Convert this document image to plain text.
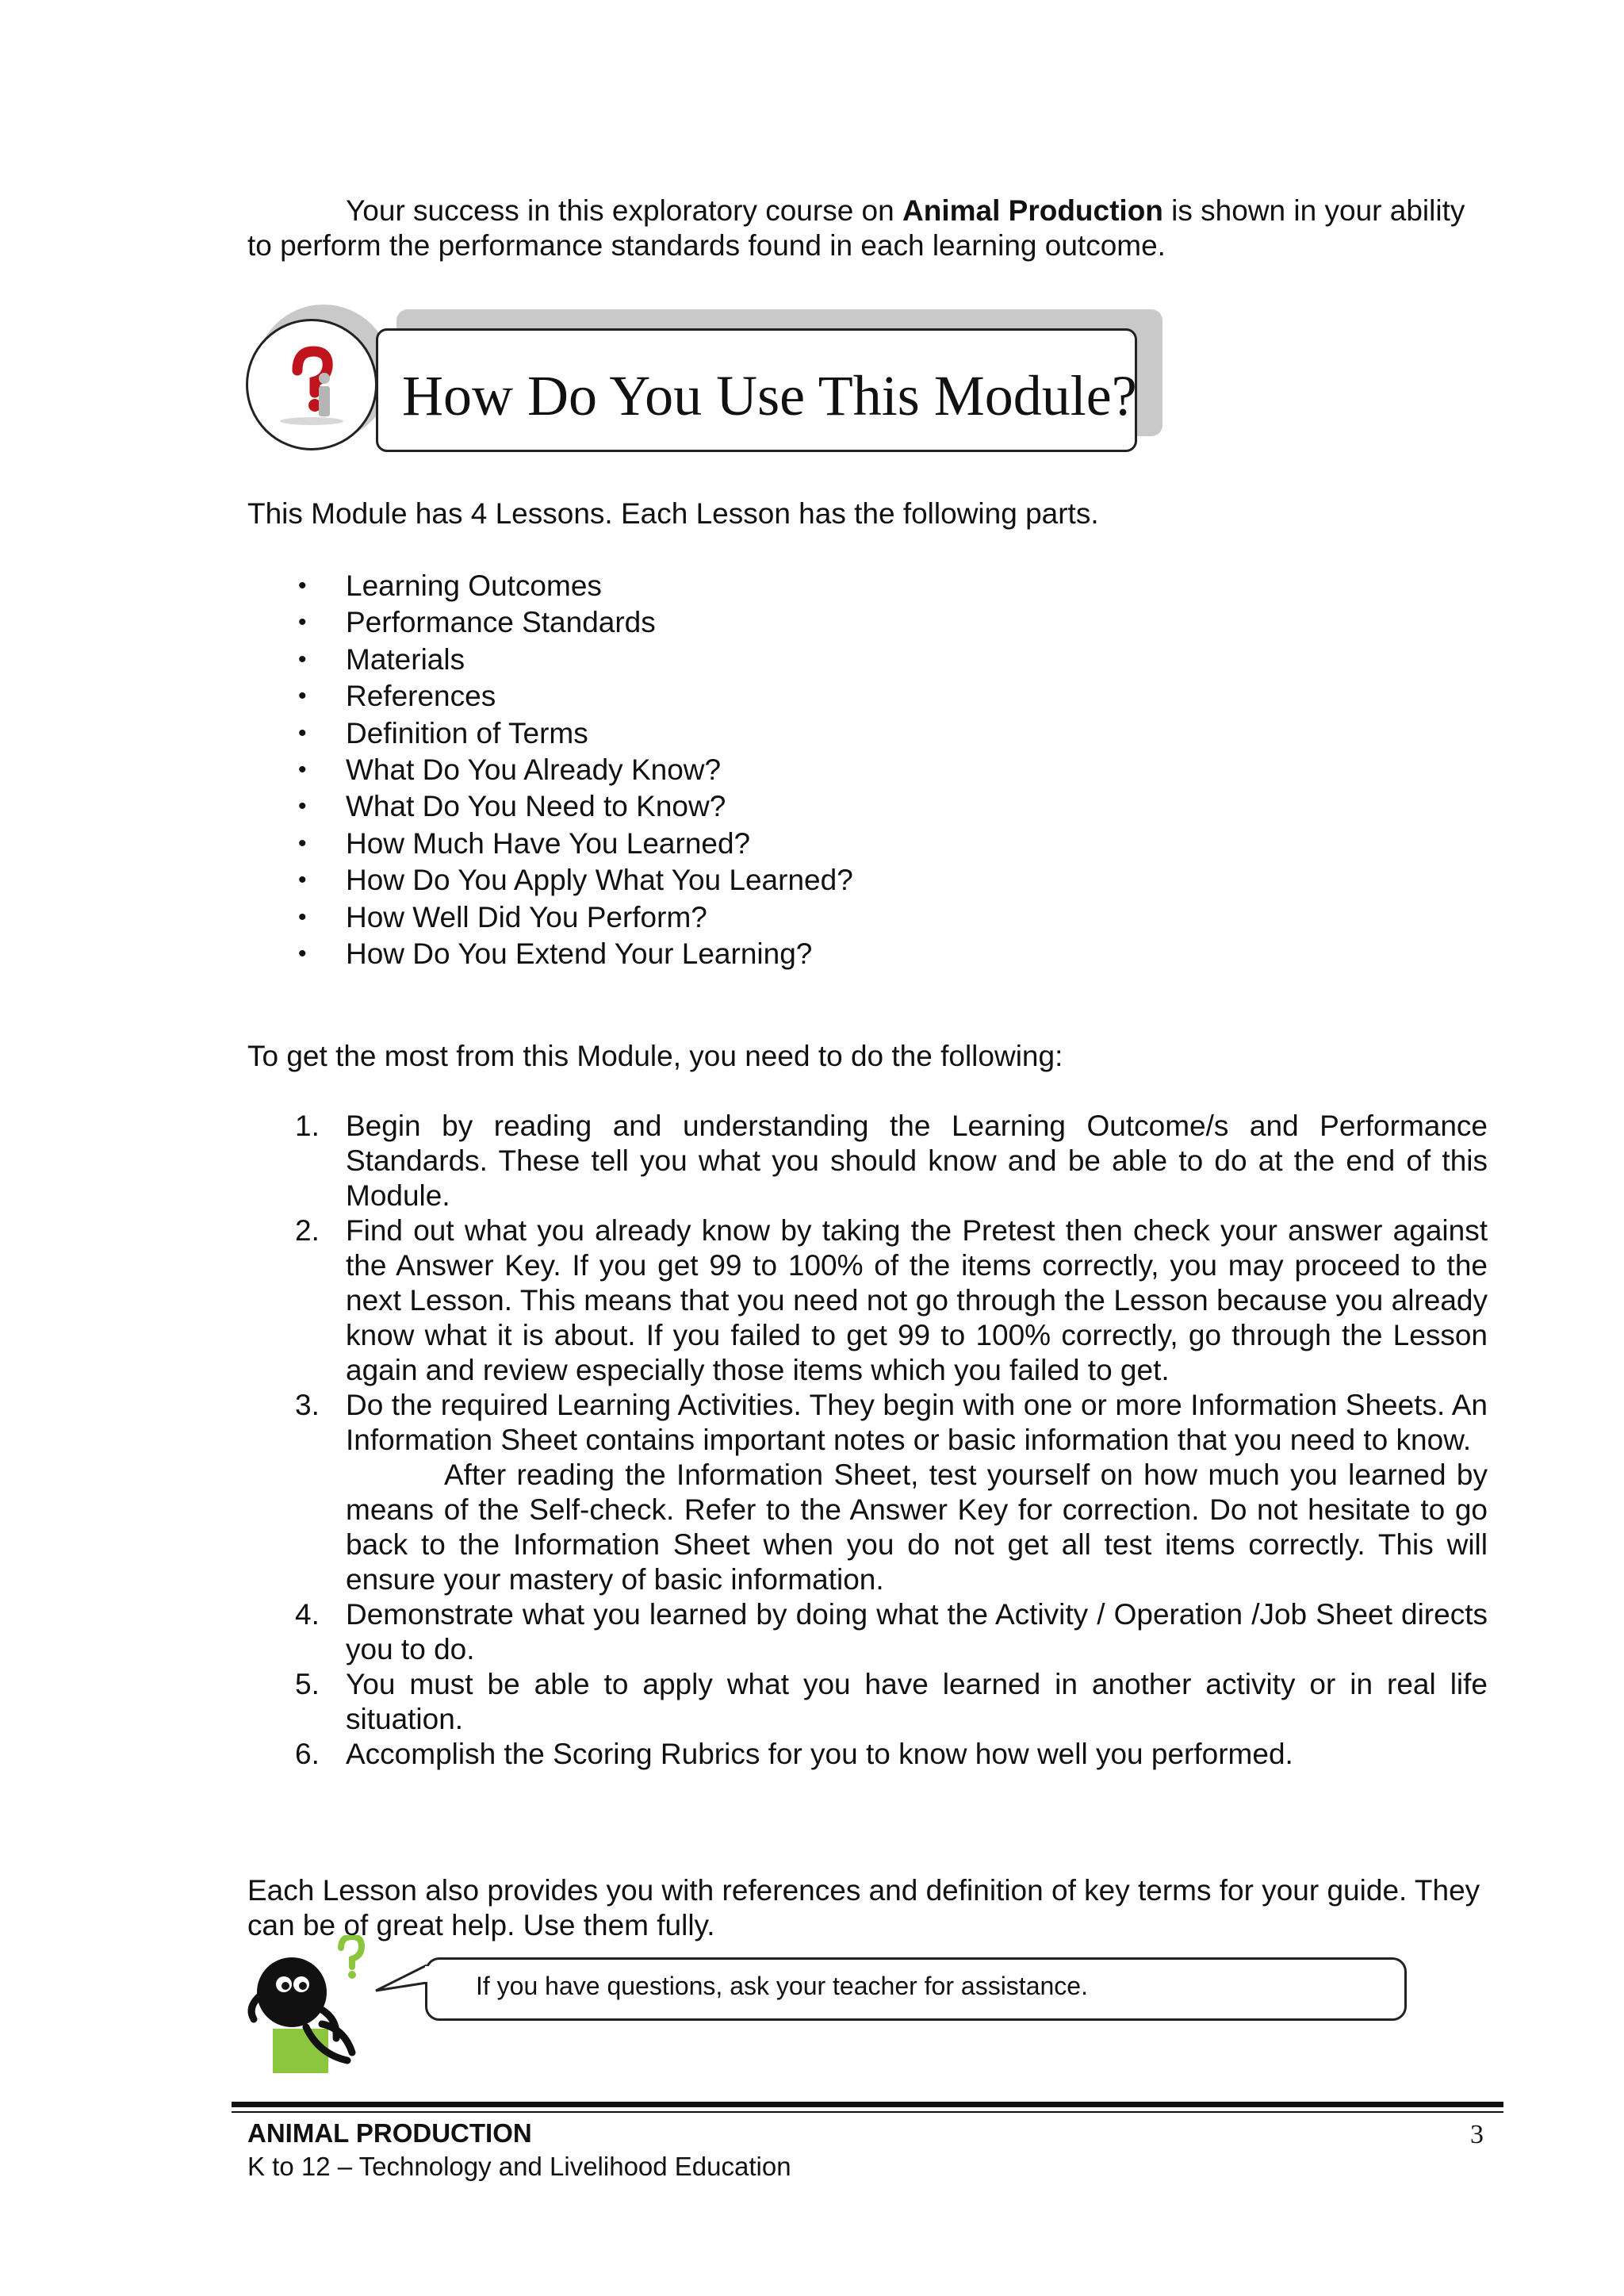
Your success in this exploratory course on Animal Production is shown in your ability to perform the performance standards found in each learning outcome.
How Do You Use This Module?
This Module has 4 Lessons. Each Lesson has the following parts.
• Learning Outcomes
• Performance Standards
• Materials
• References
• Definition of Terms
• What Do You Already Know?
• What Do You Need to Know?
• How Much Have You Learned?
• How Do You Apply What You Learned?
• How Well Did You Perform?
• How Do You Extend Your Learning?
To get the most from this Module, you need to do the following:
1. Begin by reading and understanding the Learning Outcome/s and Performance Standards. These tell you what you should know and be able to do at the end of this Module.
2. Find out what you already know by taking the Pretest then check your answer against the Answer Key. If you get 99 to 100% of the items correctly, you may proceed to the next Lesson. This means that you need not go through the Lesson because you already know what it is about. If you failed to get 99 to 100% correctly, go through the Lesson again and review especially those items which you failed to get.
3. Do the required Learning Activities. They begin with one or more Information Sheets. An Information Sheet contains important notes or basic information that you need to know.
After reading the Information Sheet, test yourself on how much you learned by means of the Self-check. Refer to the Answer Key for correction. Do not hesitate to go back to the Information Sheet when you do not get all test items correctly. This will ensure your mastery of basic information.
4. Demonstrate what you learned by doing what the Activity / Operation /Job Sheet directs you to do.
5. You must be able to apply what you have learned in another activity or in real life situation.
6. Accomplish the Scoring Rubrics for you to know how well you performed.
Each Lesson also provides you with references and definition of key terms for your guide. They can be of great help. Use them fully.
If you have questions, ask your teacher for assistance.
ANIMAL PRODUCTION
K to 12 – Technology and Livelihood Education
3
